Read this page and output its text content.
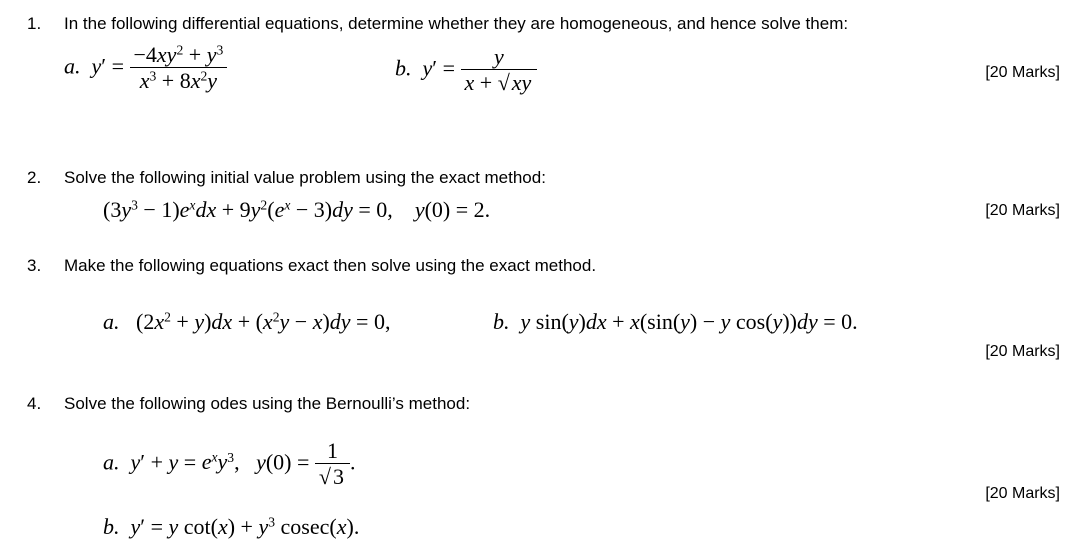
1. In the following differential equations, determine whether they are homogeneous, and hence solve them:
a. $y' = \frac{-4xy^2 + y^3}{x^3 + 8x^2y}$	b. $y' = \frac{y}{x + √xy}$	[20 Marks]
2. Solve the following initial value problem using the exact method:
$(3y^3 - 1)e^xdx + 9y^2(e^x - 3)dy = 0$,    y(0) = 2.	[20 Marks]
3. Make the following equations exact then solve using the exact method.
a.   $(2x^2 + y)dx + (x^2y - x)dy = 0$,	b. y sin(y)dx + x(sin(y) − y cos(y))dy = 0.
[20 Marks]
4. Solve the following odes using the Bernoulli’s method:
a. $y' + y = e^xy^3$,   $y(0) = \frac{1}{√3}$ .
[20 Marks]
b. y′ = y $\cot(x) + y^3$ cosec(x).
